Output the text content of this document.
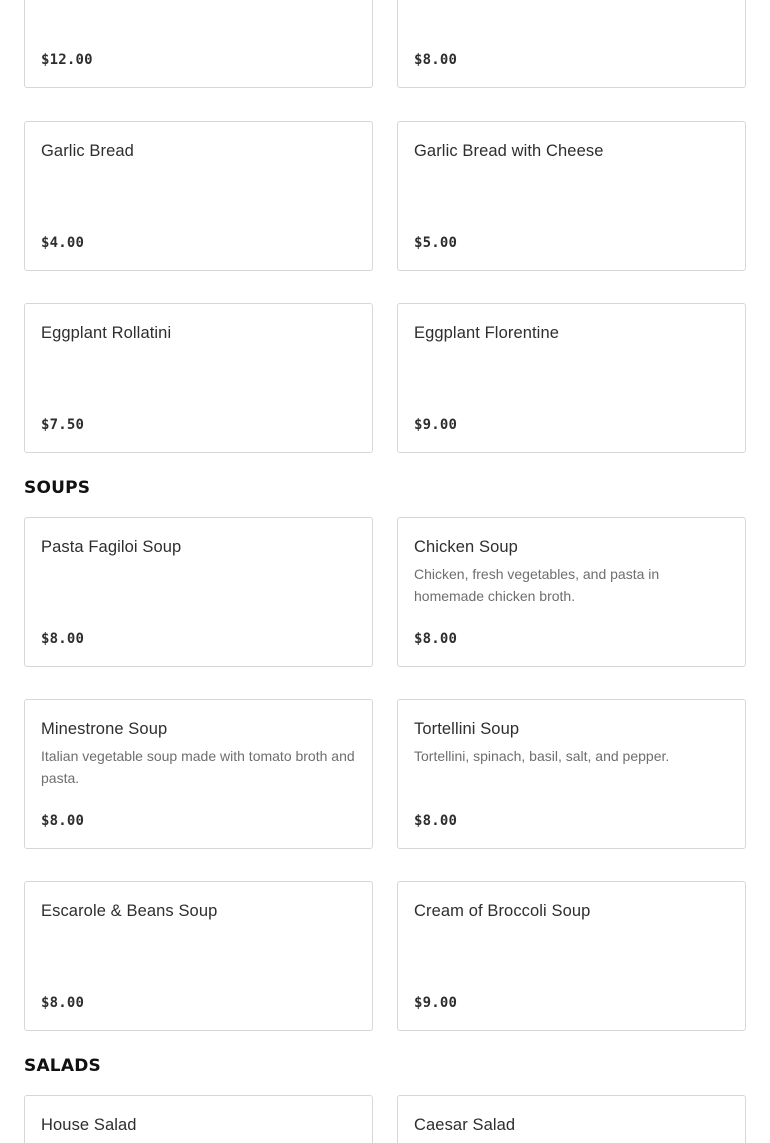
$12.00	$8.00
Garlic Bread
$4.00
Garlic Bread with Cheese
$5.00
Eggplant Rollatini
$7.50
Eggplant Florentine
$9.00
SOUPS
Pasta Fagiloi Soup
$8.00
Chicken Soup
Chicken, fresh vegetables, and pasta in homemade chicken broth.
$8.00
Minestrone Soup
Italian vegetable soup made with tomato broth and pasta.
$8.00
Tortellini Soup
Tortellini, spinach, basil, salt, and pepper.
$8.00
Escarole & Beans Soup
$8.00
Cream of Broccoli Soup
$9.00
SALADS
House Salad	Caesar Salad
